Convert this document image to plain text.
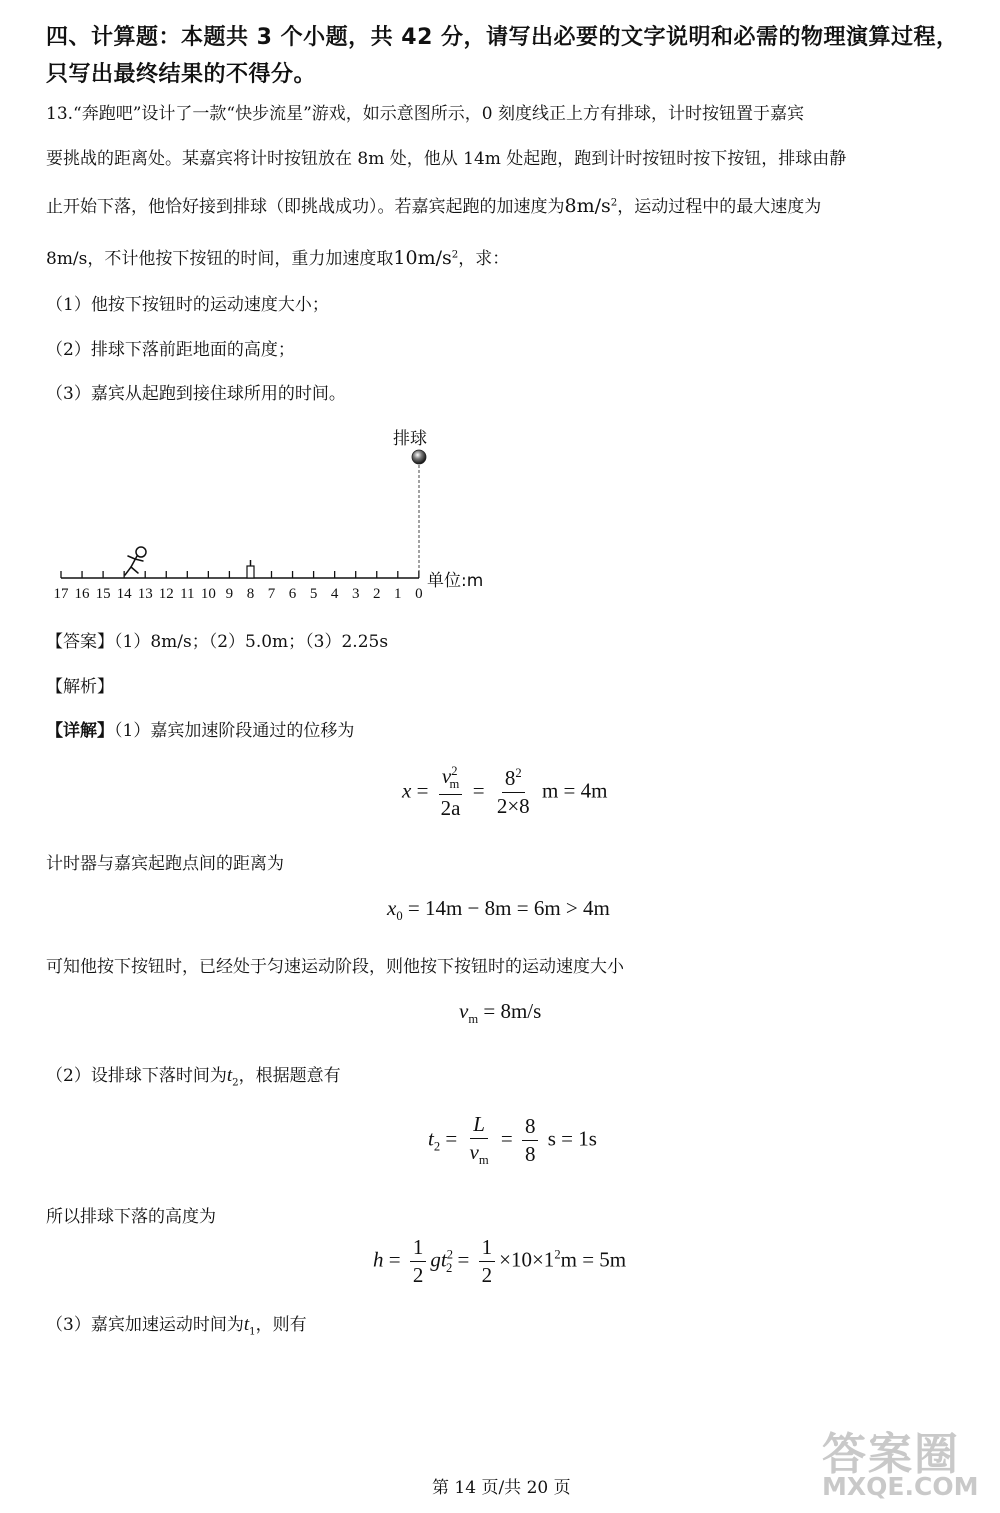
四、计算题：本题共 3 个小题，共 42 分，请写出必要的文字说明和必需的物理演算过程，
只写出最终结果的不得分。
13.“奔跑吧”设计了一款“快步流星”游戏，如示意图所示，0 刻度线正上方有排球，计时按钮置于嘉宾
要挑战的距离处。某嘉宾将计时按钮放在 8m 处，他从 14m 处起跑，跑到计时按钮时按下按钮，排球由静
止开始下落，他恰好接到排球（即挑战成功）。若嘉宾起跑的加速度为$8m/s^2$，运动过程中的最大速度为
8m/s，不计他按下按钮的时间，重力加速度取$10m/s^2$，求：
（1）他按下按钮时的运动速度大小；
（2）排球下落前距地面的高度；
（3）嘉宾从起跑到接住球所用的时间。
排球
单位:m
17 16 15 14 13 12 11 10 9 8 7 6 5 4 3 2 1 0
【答案】（1）8m/s；（2）5.0m；（3）2.25s
【解析】
【详解】（1）嘉宾加速阶段通过的位移为
$x = \frac{v^2_m}{2a} = \frac{8^2}{2\times 8}$ m = 4m
计时器与嘉宾起跑点间的距离为
$x_0 = 14m - 8m = 6m > 4m$
可知他按下按钮时，已经处于匀速运动阶段，则他按下按钮时的运动速度大小
$v_m = 8m/s$
（2）设排球下落时间为$t_2$，根据题意有
$t_2 = \frac{L}{v_m} = \frac{8}{8}$ s = 1s
所以排球下落的高度为
$h = \frac{1}{2} gt^2_2 = \frac{1}{2} \times 10\times 1^2m = 5m$
（3）嘉宾加速运动时间为$t_1$，则有
答案圈
MXQE.COM
第 14 页/共 20 页
